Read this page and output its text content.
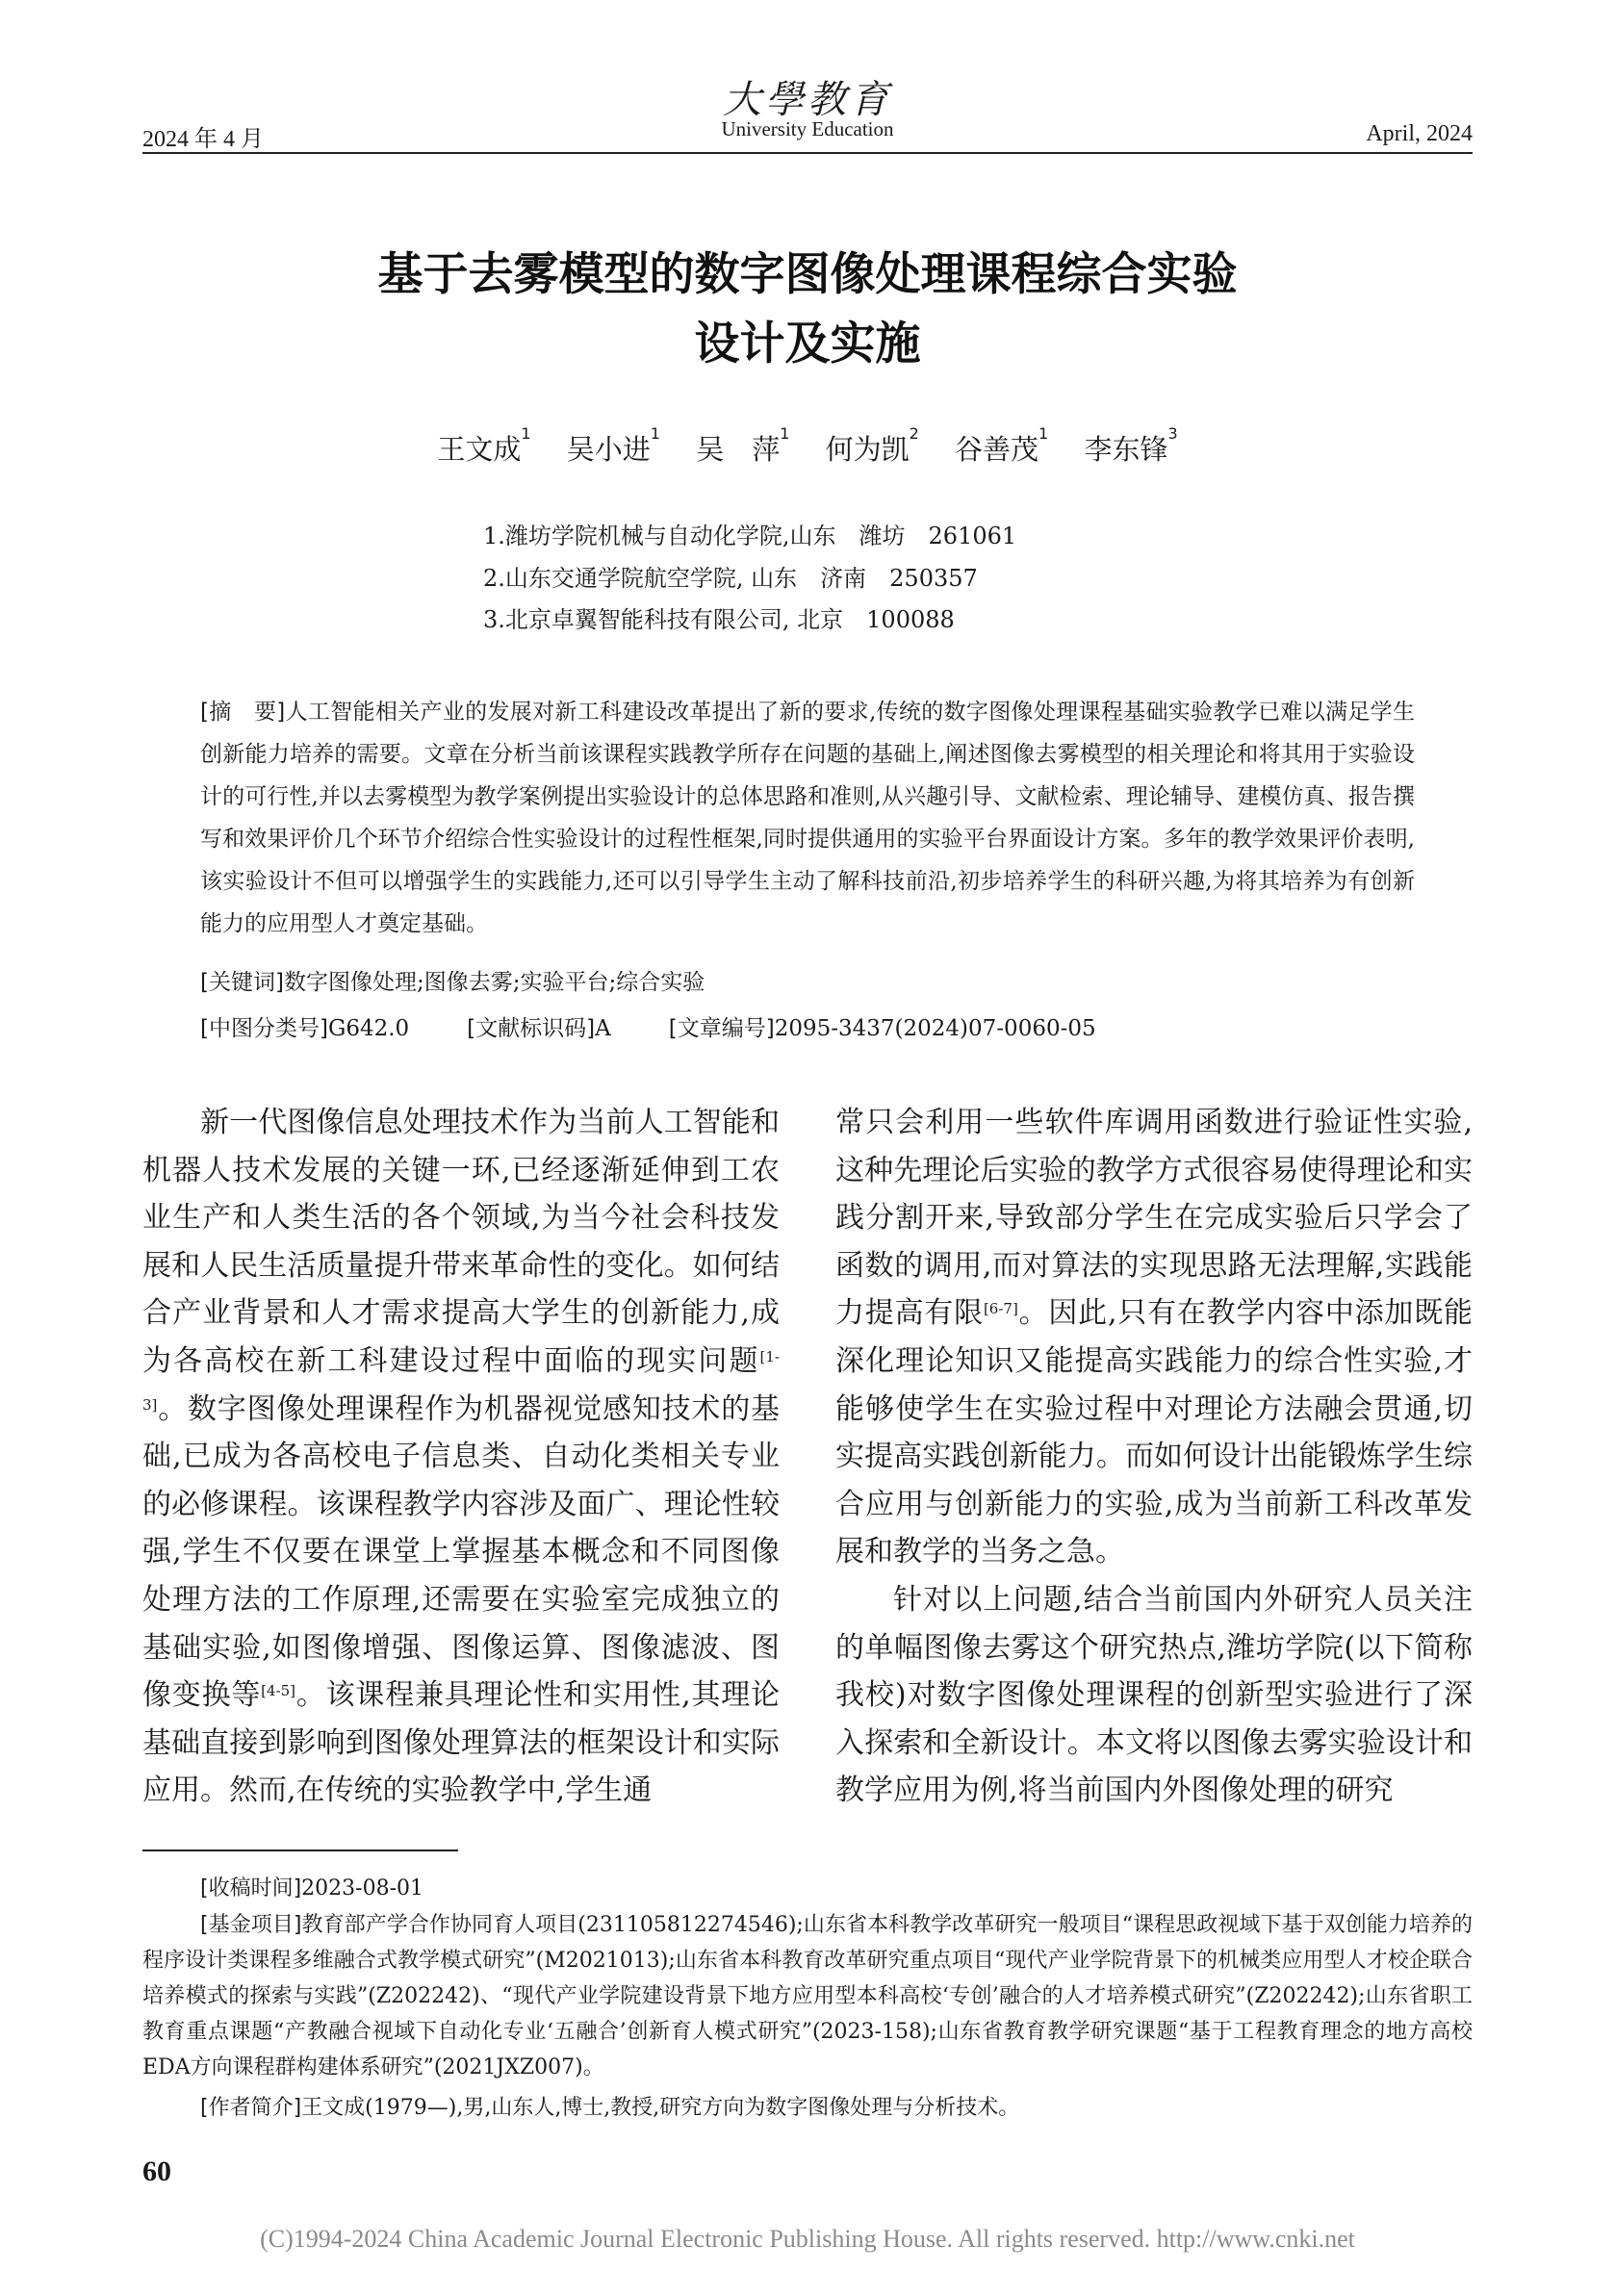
2024 年 4 月
大學教育
University Education	April, 2024
基于去雾模型的数字图像处理课程综合实验
设计及实施
王文成$^1$ 吴小进$^1$ 吴　萍$^1$ 何为凯$^2$ 谷善茂$^1$ 李东锋$^3$
1.潍坊学院机械与自动化学院,山东　潍坊　261061
2.山东交通学院航空学院, 山东　济南　250357
3.北京卓翼智能科技有限公司, 北京　100088
[摘　要]人工智能相关产业的发展对新工科建设改革提出了新的要求,传统的数字图像处理课程基础实验教学已难以满足学生创新能力培养的需要。文章在分析当前该课程实践教学所存在问题的基础上,阐述图像去雾模型的相关理论和将其用于实验设计的可行性,并以去雾模型为教学案例提出实验设计的总体思路和准则,从兴趣引导、文献检索、理论辅导、建模仿真、报告撰写和效果评价几个环节介绍综合性实验设计的过程性框架,同时提供通用的实验平台界面设计方案。多年的教学效果评价表明,该实验设计不但可以增强学生的实践能力,还可以引导学生主动了解科技前沿,初步培养学生的科研兴趣,为将其培养为有创新能力的应用型人才奠定基础。
[关键词]数字图像处理;图像去雾;实验平台;综合实验
[中图分类号]G642.0	[文献标识码]A	[文章编号]2095-3437(2024)07-0060-05

新一代图像信息处理技术作为当前人工智能和机器人技术发展的关键一环,已经逐渐延伸到工农业生产和人类生活的各个领域,为当今社会科技发展和人民生活质量提升带来革命性的变化。如何结合产业背景和人才需求提高大学生的创新能力,成为各高校在新工科建设过程中面临的现实问题[1-3]。数字图像处理课程作为机器视觉感知技术的基础,已成为各高校电子信息类、自动化类相关专业的必修课程。该课程教学内容涉及面广、理论性较强,学生不仅要在课堂上掌握基本概念和不同图像处理方法的工作原理,还需要在实验室完成独立的基础实验,如图像增强、图像运算、图像滤波、图像变换等[4-5]。该课程兼具理论性和实用性,其理论基础直接到影响到图像处理算法的框架设计和实际应用。然而,在传统的实验教学中,学生通

常只会利用一些软件库调用函数进行验证性实验,这种先理论后实验的教学方式很容易使得理论和实践分割开来,导致部分学生在完成实验后只学会了函数的调用,而对算法的实现思路无法理解,实践能力提高有限[6-7]。因此,只有在教学内容中添加既能深化理论知识又能提高实践能力的综合性实验,才能够使学生在实验过程中对理论方法融会贯通,切实提高实践创新能力。而如何设计出能锻炼学生综合应用与创新能力的实验,成为当前新工科改革发展和教学的当务之急。

针对以上问题,结合当前国内外研究人员关注的单幅图像去雾这个研究热点,潍坊学院(以下简称我校)对数字图像处理课程的创新型实验进行了深入探索和全新设计。本文将以图像去雾实验设计和教学应用为例,将当前国内外图像处理的研究

[收稿时间]2023-08-01
[基金项目]教育部产学合作协同育人项目(231105812274546);山东省本科教学改革研究一般项目“课程思政视域下基于双创能力培养的程序设计类课程多维融合式教学模式研究”(M2021013);山东省本科教育改革研究重点项目“现代产业学院背景下的机械类应用型人才校企联合培养模式的探索与实践”(Z202242)、“现代产业学院建设背景下地方应用型本科高校‘专创’融合的人才培养模式研究”(Z202242);山东省职工教育重点课题“产教融合视域下自动化专业‘五融合’创新育人模式研究”(2023-158);山东省教育教学研究课题“基于工程教育理念的地方高校EDA方向课程群构建体系研究”(2021JXZ007)。
[作者简介]王文成(1979—),男,山东人,博士,教授,研究方向为数字图像处理与分析技术。
60
(C)1994-2024 China Academic Journal Electronic Publishing House. All rights reserved. http://www.cnki.net
